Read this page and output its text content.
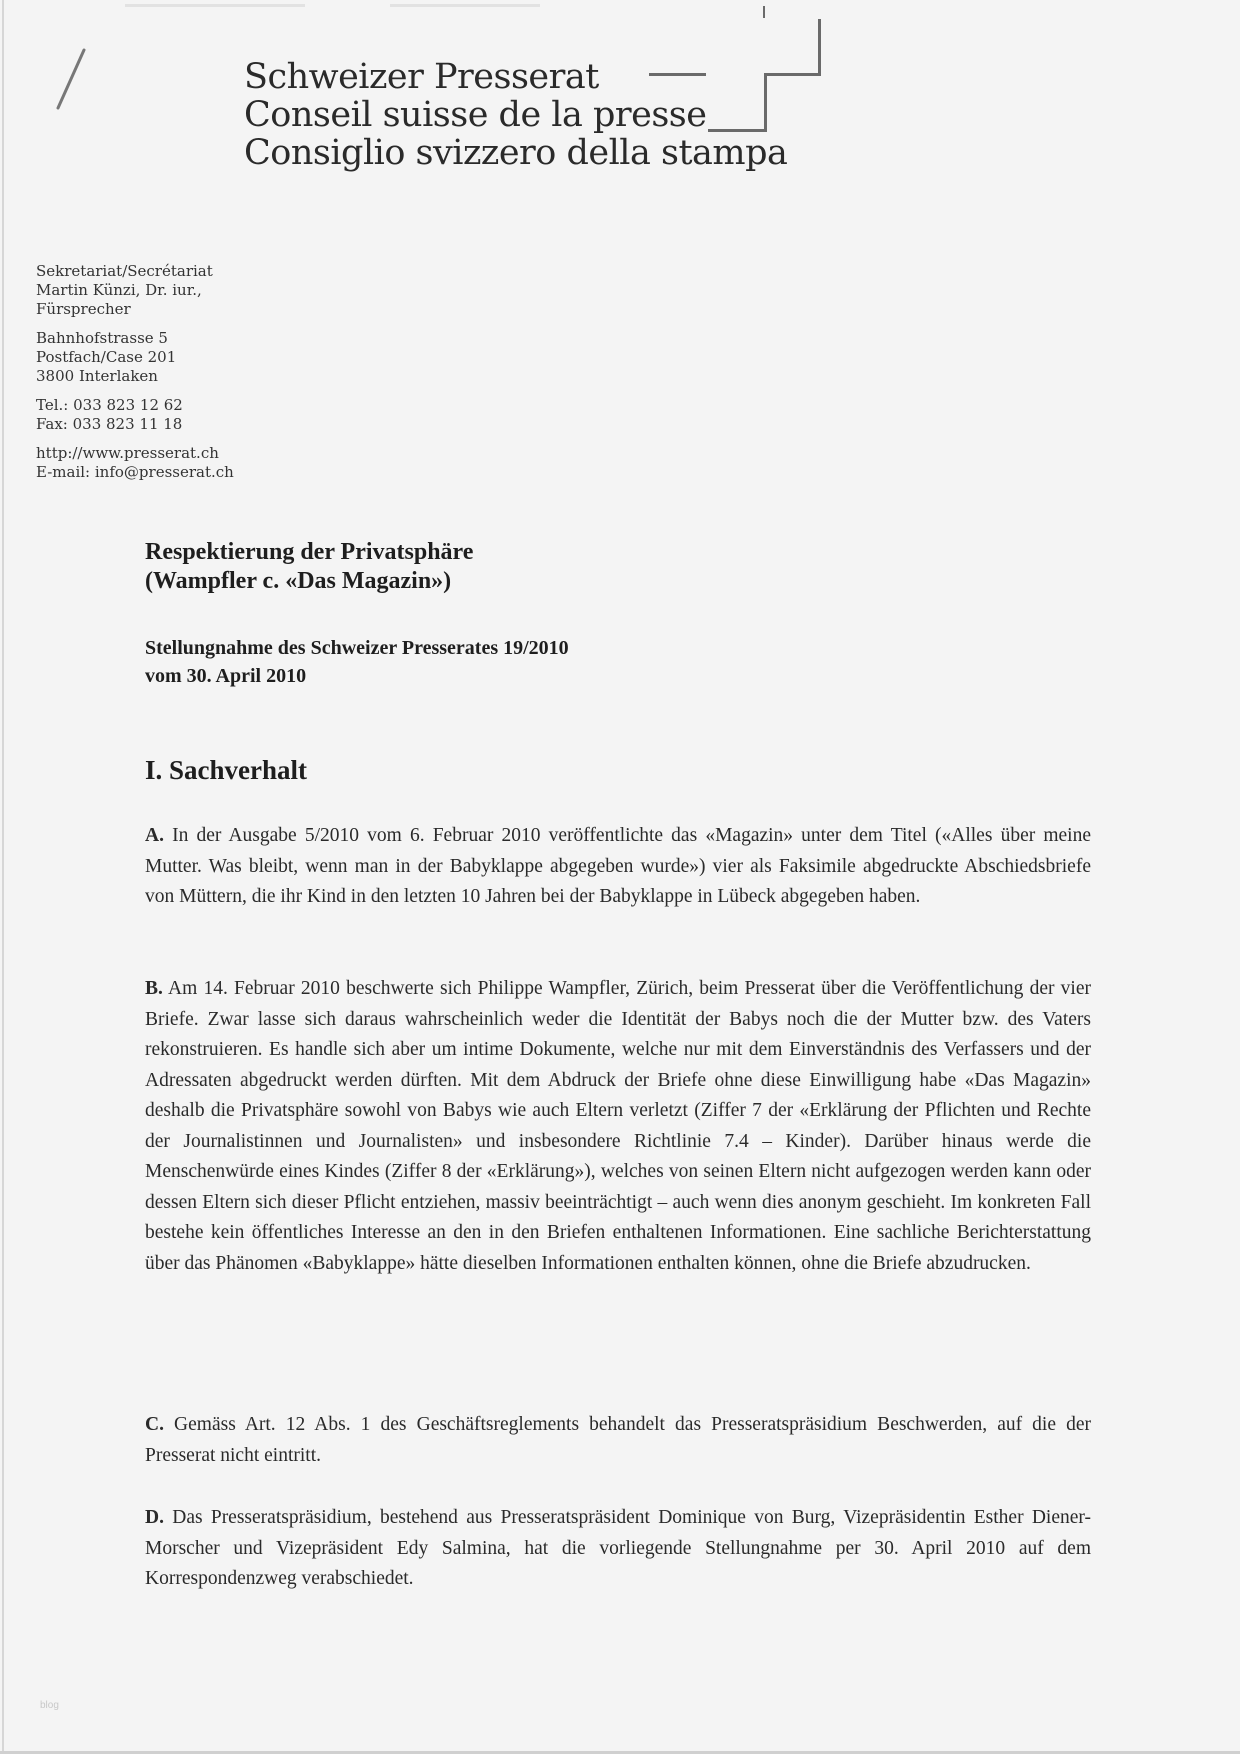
Schweizer Presserat
Conseil suisse de la presse
Consiglio svizzero della stampa
Sekretariat/Secrétariat
Martin Künzi, Dr. iur.,
Fürsprecher
Bahnhofstrasse 5
Postfach/Case 201
3800 Interlaken
Tel.: 033 823 12 62
Fax: 033 823 11 18
http://www.presserat.ch
E-mail: info@presserat.ch
Respektierung der Privatsphäre
(Wampfler c. «Das Magazin»)
Stellungnahme des Schweizer Presserates 19/2010
vom 30. April 2010
I. Sachverhalt
A. In der Ausgabe 5/2010 vom 6. Februar 2010 veröffentlichte das «Magazin» unter dem Titel («Alles über meine Mutter. Was bleibt, wenn man in der Babyklappe abgegeben wurde») vier als Faksimile abgedruckte Abschiedsbriefe von Müttern, die ihr Kind in den letzten 10 Jahren bei der Babyklappe in Lübeck abgegeben haben.
B. Am 14. Februar 2010 beschwerte sich Philippe Wampfler, Zürich, beim Presserat über die Veröffentlichung der vier Briefe. Zwar lasse sich daraus wahrscheinlich weder die Identität der Babys noch die der Mutter bzw. des Vaters rekonstruieren. Es handle sich aber um intime Dokumente, welche nur mit dem Einverständnis des Verfassers und der Adressaten abgedruckt werden dürften. Mit dem Abdruck der Briefe ohne diese Einwilligung habe «Das Magazin» deshalb die Privatsphäre sowohl von Babys wie auch Eltern verletzt (Ziffer 7 der «Erklärung der Pflichten und Rechte der Journalistinnen und Journalisten» und insbesondere Richtlinie 7.4 – Kinder). Darüber hinaus werde die Menschenwürde eines Kindes (Ziffer 8 der «Erklärung»), welches von seinen Eltern nicht aufgezogen werden kann oder dessen Eltern sich dieser Pflicht entziehen, massiv beeinträchtigt – auch wenn dies anonym geschieht. Im konkreten Fall bestehe kein öffentliches Interesse an den in den Briefen enthaltenen Informationen. Eine sachliche Berichterstattung über das Phänomen «Babyklappe» hätte dieselben Informationen enthalten können, ohne die Briefe abzudrucken.
C. Gemäss Art. 12 Abs. 1 des Geschäftsreglements behandelt das Presseratspräsidium Beschwerden, auf die der Presserat nicht eintritt.
D. Das Presseratspräsidium, bestehend aus Presseratspräsident Dominique von Burg, Vizepräsidentin Esther Diener-Morscher und Vizepräsident Edy Salmina, hat die vorliegende Stellungnahme per 30. April 2010 auf dem Korrespondenzweg verabschiedet.
blog
